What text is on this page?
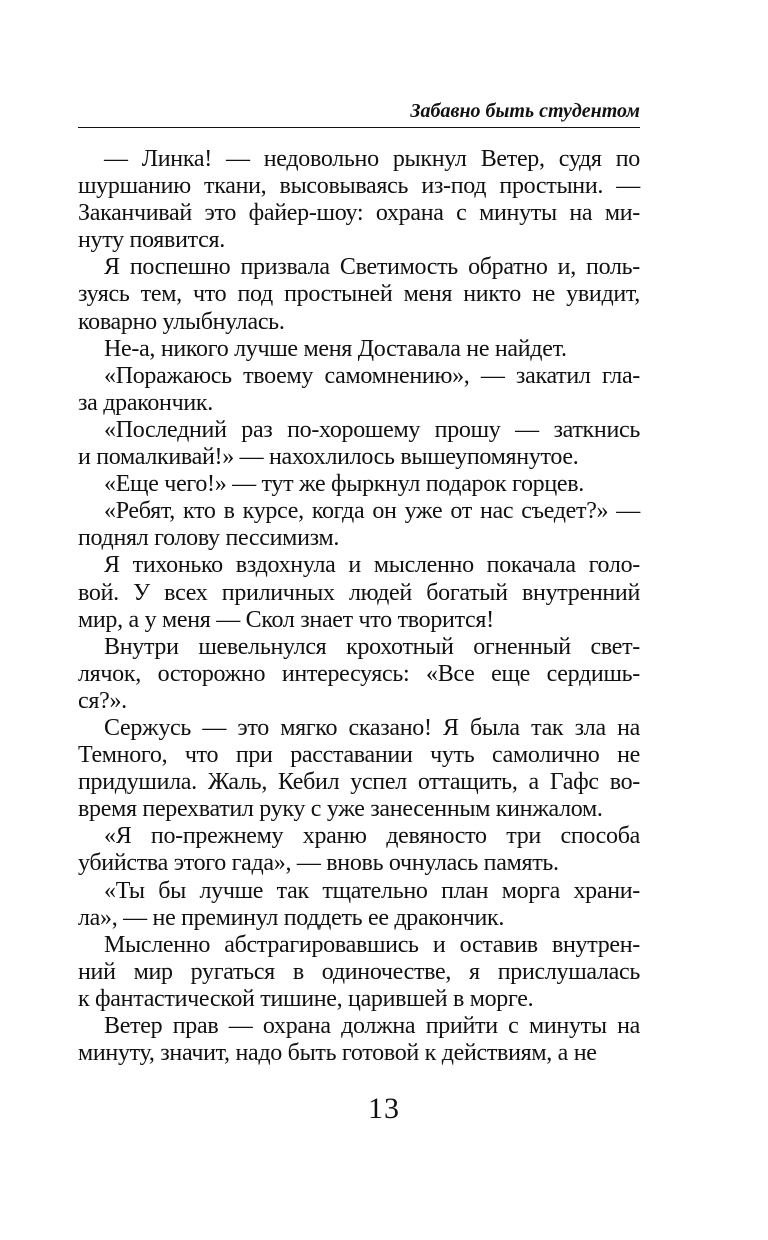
Забавно быть студентом
— Линка! — недовольно рыкнул Ветер, судя по
шуршанию ткани, высовываясь из-под простыни. —
Заканчивай это файер-шоу: охрана с минуты на ми-
нуту появится.
Я поспешно призвала Светимость обратно и, поль-
зуясь тем, что под простыней меня никто не увидит,
коварно улыбнулась.
Не-а, никого лучше меня Доставала не найдет.
«Поражаюсь твоему самомнению», — закатил гла-
за дракончик.
«Последний раз по-хорошему прошу — заткнись
и помалкивай!» — нахохлилось вышеупомянутое.
«Еще чего!» — тут же фыркнул подарок горцев.
«Ребят, кто в курсе, когда он уже от нас съедет?» —
поднял голову пессимизм.
Я тихонько вздохнула и мысленно покачала голо-
вой. У всех приличных людей богатый внутренний
мир, а у меня — Скол знает что творится!
Внутри шевельнулся крохотный огненный свет-
лячок, осторожно интересуясь: «Все еще сердишь-
ся?».
Сержусь — это мягко сказано! Я была так зла на
Темного, что при расставании чуть самолично не
придушила. Жаль, Кебил успел оттащить, а Гафс во-
время перехватил руку с уже занесенным кинжалом.
«Я по-прежнему храню девяносто три способа
убийства этого гада», — вновь очнулась память.
«Ты бы лучше так тщательно план морга храни-
ла», — не преминул поддеть ее дракончик.
Мысленно абстрагировавшись и оставив внутрен-
ний мир ругаться в одиночестве, я прислушалась
к фантастической тишине, царившей в морге.
Ветер прав — охрана должна прийти с минуты на
минуту, значит, надо быть готовой к действиям, а не
13
